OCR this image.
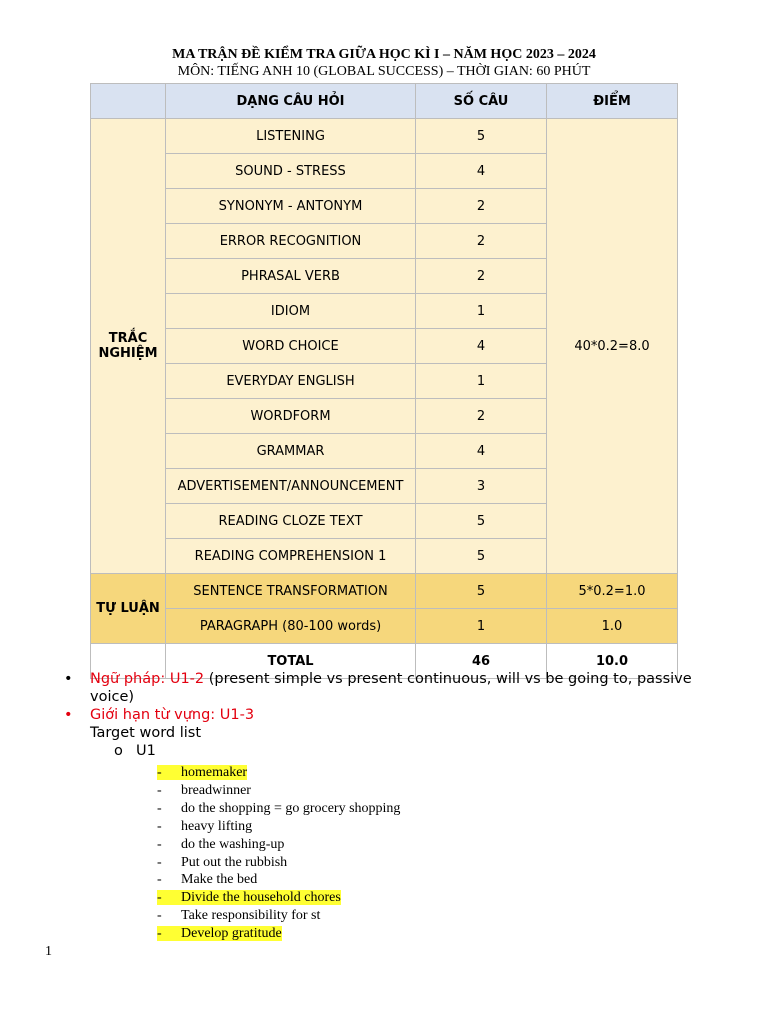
MA TRẬN ĐỀ KIỂM TRA GIỮA HỌC KÌ I – NĂM HỌC 2023 – 2024
MÔN: TIẾNG ANH 10 (GLOBAL SUCCESS) – THỜI GIAN: 60 PHÚT
	DẠNG CÂU HỎI	SỐ CÂU	ĐIỂM
TRẮC NGHIỆM	LISTENING	5	40*0.2=8.0
	SOUND - STRESS	4	
	SYNONYM - ANTONYM	2	
	ERROR RECOGNITION	2	
	PHRASAL VERB	2	
	IDIOM	1	
	WORD CHOICE	4	
	EVERYDAY ENGLISH	1	
	WORDFORM	2	
	GRAMMAR	4	
	ADVERTISEMENT/ANNOUNCEMENT	3	
	READING CLOZE TEXT	5	
	READING COMPREHENSION 1	5	
TỰ LUẬN	SENTENCE TRANSFORMATION	5	5*0.2=1.0
	PARAGRAPH (80-100 words)	1	1.0
	TOTAL	46	10.0
• Ngữ pháp: U1-2 (present simple vs present continuous, will vs be going to, passive voice)
• Giới hạn từ vựng: U1-3
Target word list
o U1
- homemaker
- breadwinner
- do the shopping = go grocery shopping
- heavy lifting
- do the washing-up
- Put out the rubbish
- Make the bed
- Divide the household chores
- Take responsibility for st
- Develop gratitude
1
